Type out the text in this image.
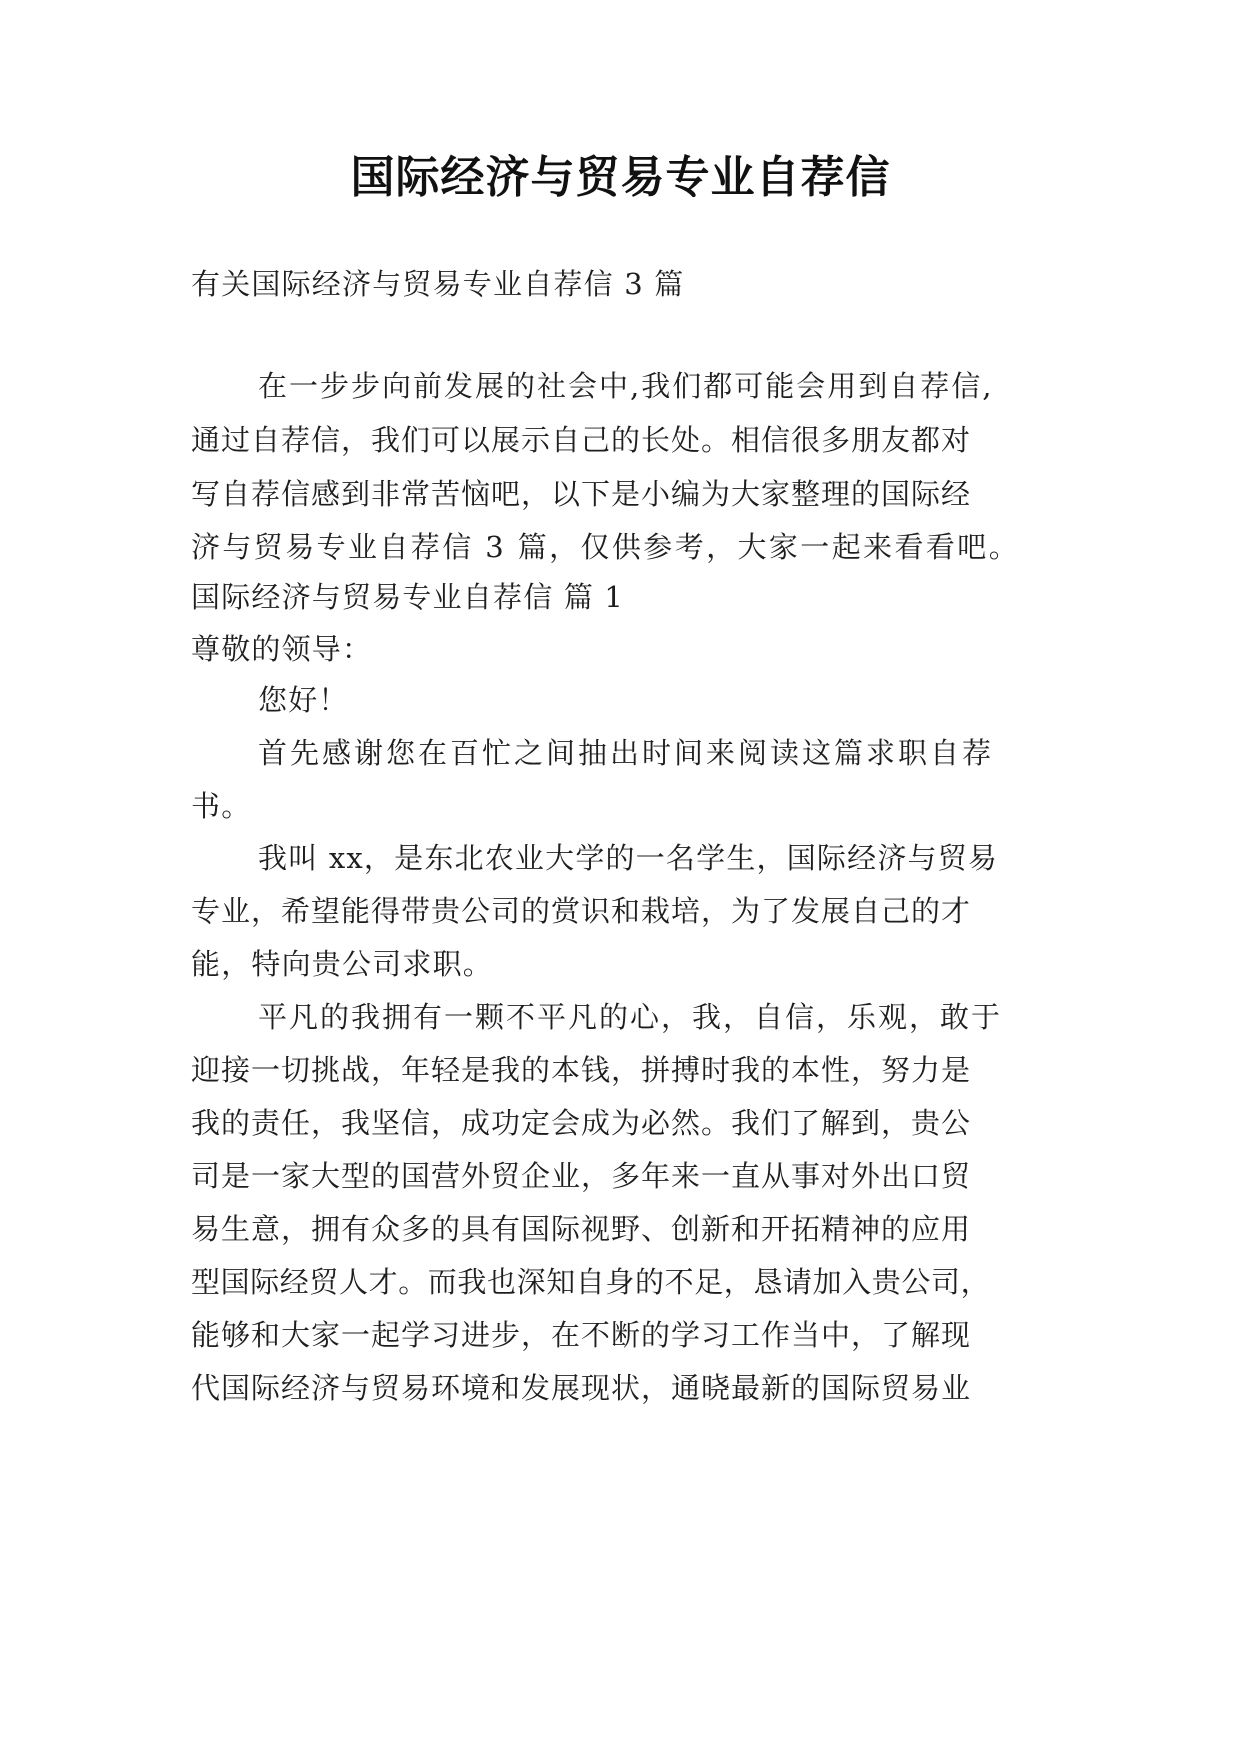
国际经济与贸易专业自荐信
有关国际经济与贸易专业自荐信 3 篇
在一步步向前发展的社会中,我们都可能会用到自荐信,
通过自荐信，我们可以展示自己的长处。相信很多朋友都对
写自荐信感到非常苦恼吧，以下是小编为大家整理的国际经
济与贸易专业自荐信 3 篇，仅供参考，大家一起来看看吧。
国际经济与贸易专业自荐信 篇 1
尊敬的领导：
您好！
首先感谢您在百忙之间抽出时间来阅读这篇求职自荐
书。
我叫 xx，是东北农业大学的一名学生，国际经济与贸易
专业，希望能得带贵公司的赏识和栽培，为了发展自己的才
能，特向贵公司求职。
平凡的我拥有一颗不平凡的心，我，自信，乐观，敢于
迎接一切挑战，年轻是我的本钱，拼搏时我的本性，努力是
我的责任，我坚信，成功定会成为必然。我们了解到，贵公
司是一家大型的国营外贸企业，多年来一直从事对外出口贸
易生意，拥有众多的具有国际视野、创新和开拓精神的应用
型国际经贸人才。而我也深知自身的不足，恳请加入贵公司，
能够和大家一起学习进步，在不断的学习工作当中，了解现
代国际经济与贸易环境和发展现状，通晓最新的国际贸易业
